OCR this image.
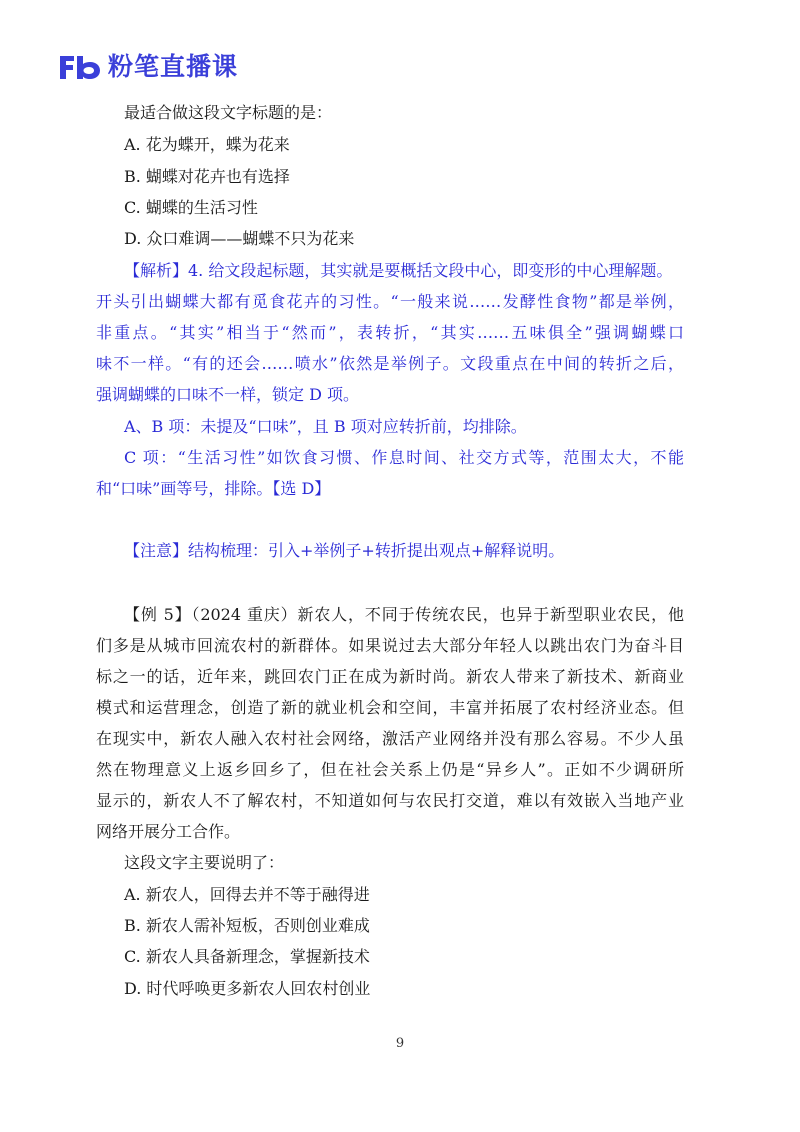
粉笔直播课
最适合做这段文字标题的是：
A. 花为蝶开，蝶为花来
B. 蝴蝶对花卉也有选择
C. 蝴蝶的生活习性
D. 众口难调——蝴蝶不只为花来
【解析】4. 给文段起标题，其实就是要概括文段中心，即变形的中心理解题。
开头引出蝴蝶大都有觅食花卉的习性。“一般来说……发酵性食物”都是举例，
非重点。“其实”相当于“然而”，表转折，“其实……五味俱全”强调蝴蝶口
味不一样。“有的还会……喷水”依然是举例子。文段重点在中间的转折之后，
强调蝴蝶的口味不一样，锁定 D 项。
A、B 项：未提及“口味”，且 B 项对应转折前，均排除。
C 项：“生活习性”如饮食习惯、作息时间、社交方式等，范围太大，不能
和“口味”画等号，排除。【选 D】
【注意】结构梳理：引入+举例子+转折提出观点+解释说明。
【例 5】（2024 重庆）新农人，不同于传统农民，也异于新型职业农民，他
们多是从城市回流农村的新群体。如果说过去大部分年轻人以跳出农门为奋斗目
标之一的话，近年来，跳回农门正在成为新时尚。新农人带来了新技术、新商业
模式和运营理念，创造了新的就业机会和空间，丰富并拓展了农村经济业态。但
在现实中，新农人融入农村社会网络，激活产业网络并没有那么容易。不少人虽
然在物理意义上返乡回乡了，但在社会关系上仍是“异乡人”。正如不少调研所
显示的，新农人不了解农村，不知道如何与农民打交道，难以有效嵌入当地产业
网络开展分工合作。
这段文字主要说明了：
A. 新农人，回得去并不等于融得进
B. 新农人需补短板，否则创业难成
C. 新农人具备新理念，掌握新技术
D. 时代呼唤更多新农人回农村创业
9
